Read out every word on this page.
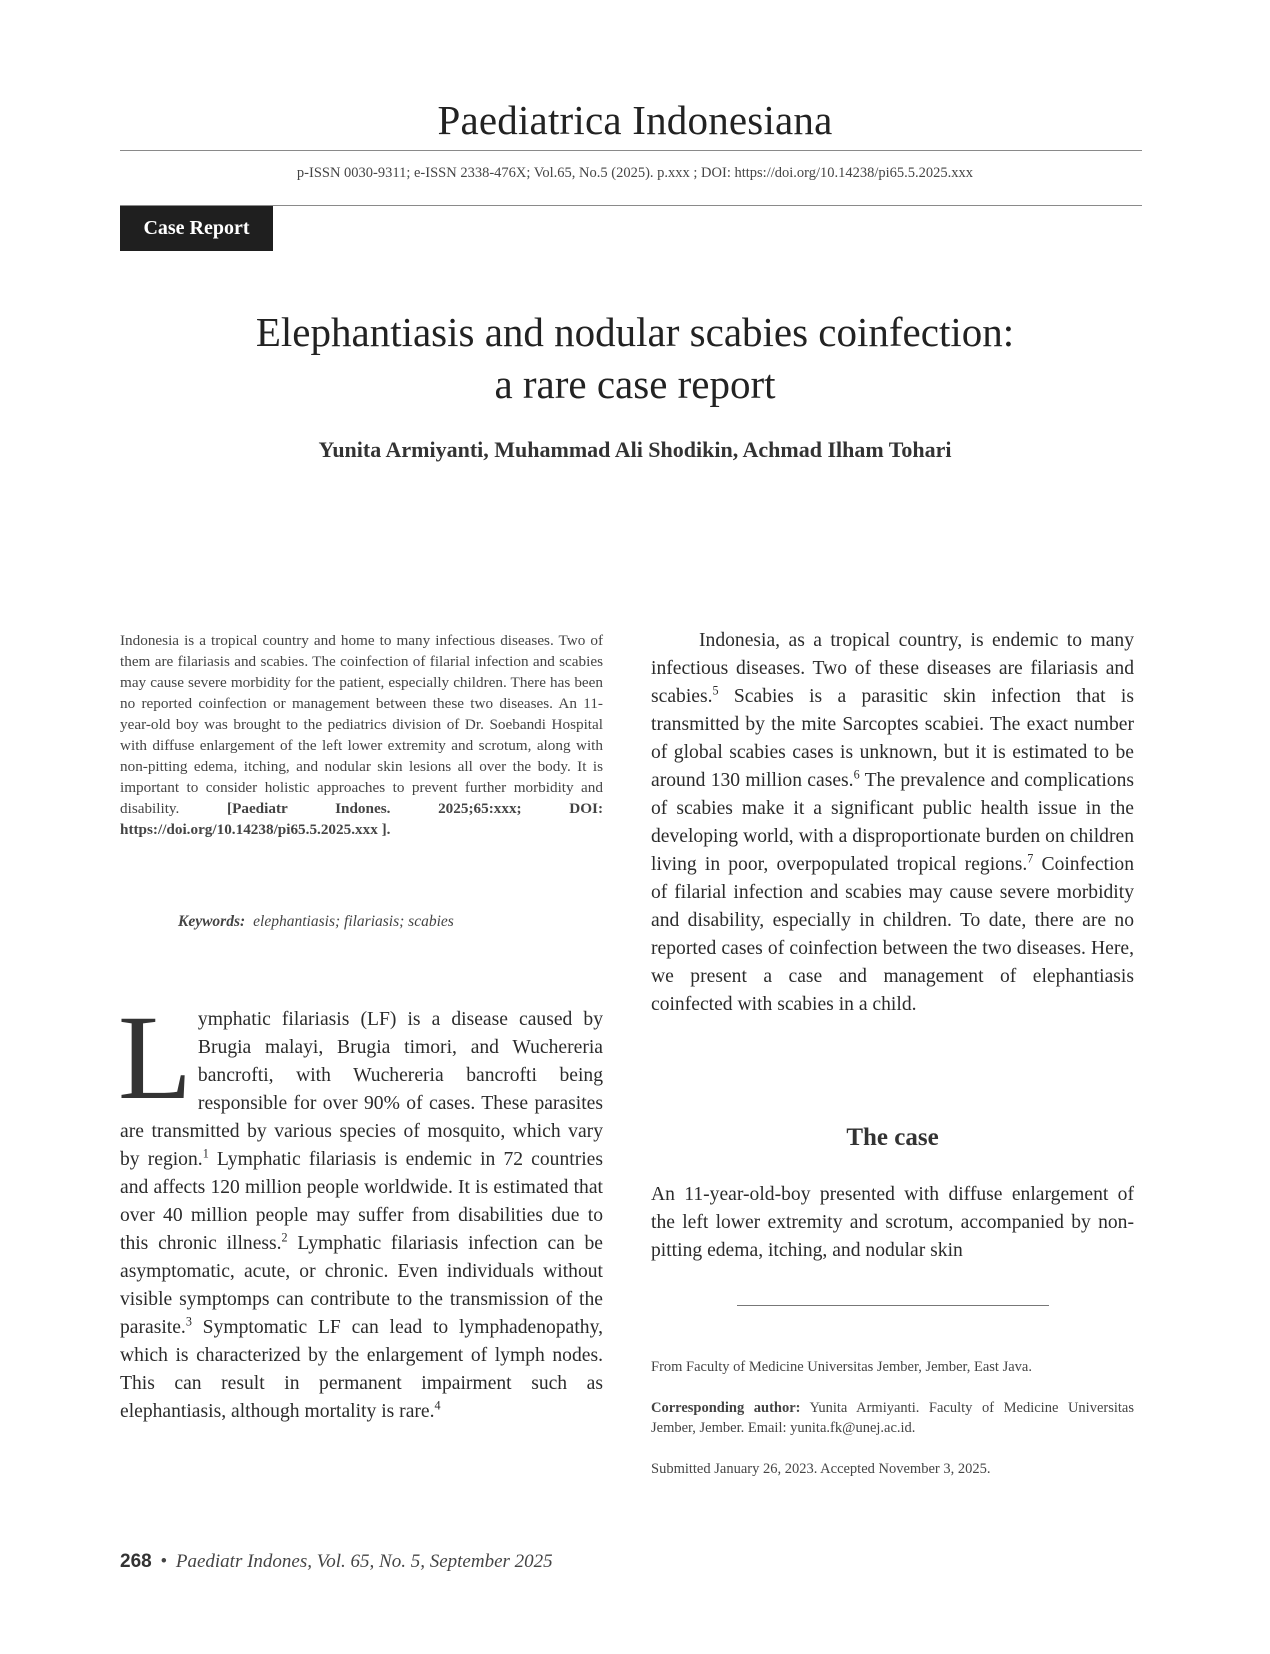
Paediatrica Indonesiana
p-ISSN 0030-9311; e-ISSN 2338-476X; Vol.65, No.5 (2025). p.xxx ; DOI: https://doi.org/10.14238/pi65.5.2025.xxx
Case Report
Elephantiasis and nodular scabies coinfection:
a rare case report
Yunita Armiyanti, Muhammad Ali Shodikin, Achmad Ilham Tohari
Indonesia is a tropical country and home to many infectious diseases. Two of them are filariasis and scabies. The coinfection of filarial infection and scabies may cause severe morbidity for the patient, especially children. There has been no reported coinfection or management between these two diseases. An 11-year-old boy was brought to the pediatrics division of Dr. Soebandi Hospital with diffuse enlargement of the left lower extremity and scrotum, along with non-pitting edema, itching, and nodular skin lesions all over the body. It is important to consider holistic approaches to prevent further morbidity and disability.	[Paediatr Indones. 2025;65:xxx; DOI: https://doi.org/10.14238/pi65.5.2025.xxx ].
Keywords: elephantiasis; filariasis; scabies
Lymphatic filariasis (LF) is a disease caused by Brugia malayi, Brugia timori, and Wuchereria bancrofti, with Wuchereria bancrofti being responsible for over 90% of cases. These parasites are transmitted by various species of mosquito, which vary by region.$^1$ Lymphatic filariasis is endemic in 72 countries and affects 120 million people worldwide. It is estimated that over 40 million people may suffer from disabilities due to this chronic illness.$^2$ Lymphatic filariasis infection can be asymptomatic, acute, or chronic. Even individuals without visible symptomps can contribute to the transmission of the parasite.$^3$ Symptomatic LF can lead to lymphadenopathy, which is characterized by the enlargement of lymph nodes. This can result in permanent impairment such as elephantiasis, although mortality is rare.$^4$

Indonesia, as a tropical country, is endemic to many infectious diseases. Two of these diseases are filariasis and scabies.$^5$ Scabies is a parasitic skin infection that is transmitted by the mite Sarcoptes scabiei. The exact number of global scabies cases is unknown, but it is estimated to be around 130 million cases.$^6$ The prevalence and complications of scabies make it a significant public health issue in the developing world, with a disproportionate burden on children living in poor, overpopulated tropical regions.$^7$ Coinfection of filarial infection and scabies may cause severe morbidity and disability, especially in children. To date, there are no reported cases of coinfection between the two diseases. Here, we present a case and management of elephantiasis coinfected with scabies in a child.

The case
An 11-year-old-boy presented with diffuse enlargement of the left lower extremity and scrotum, accompanied by non-pitting edema, itching, and nodular skin
From Faculty of Medicine Universitas Jember, Jember, East Java.
Corresponding author: Yunita Armiyanti. Faculty of Medicine Universitas Jember, Jember. Email: yunita.fk@unej.ac.id.
Submitted January 26, 2023. Accepted November 3, 2025.
268 • Paediatr Indones, Vol. 65, No. 5, September 2025
